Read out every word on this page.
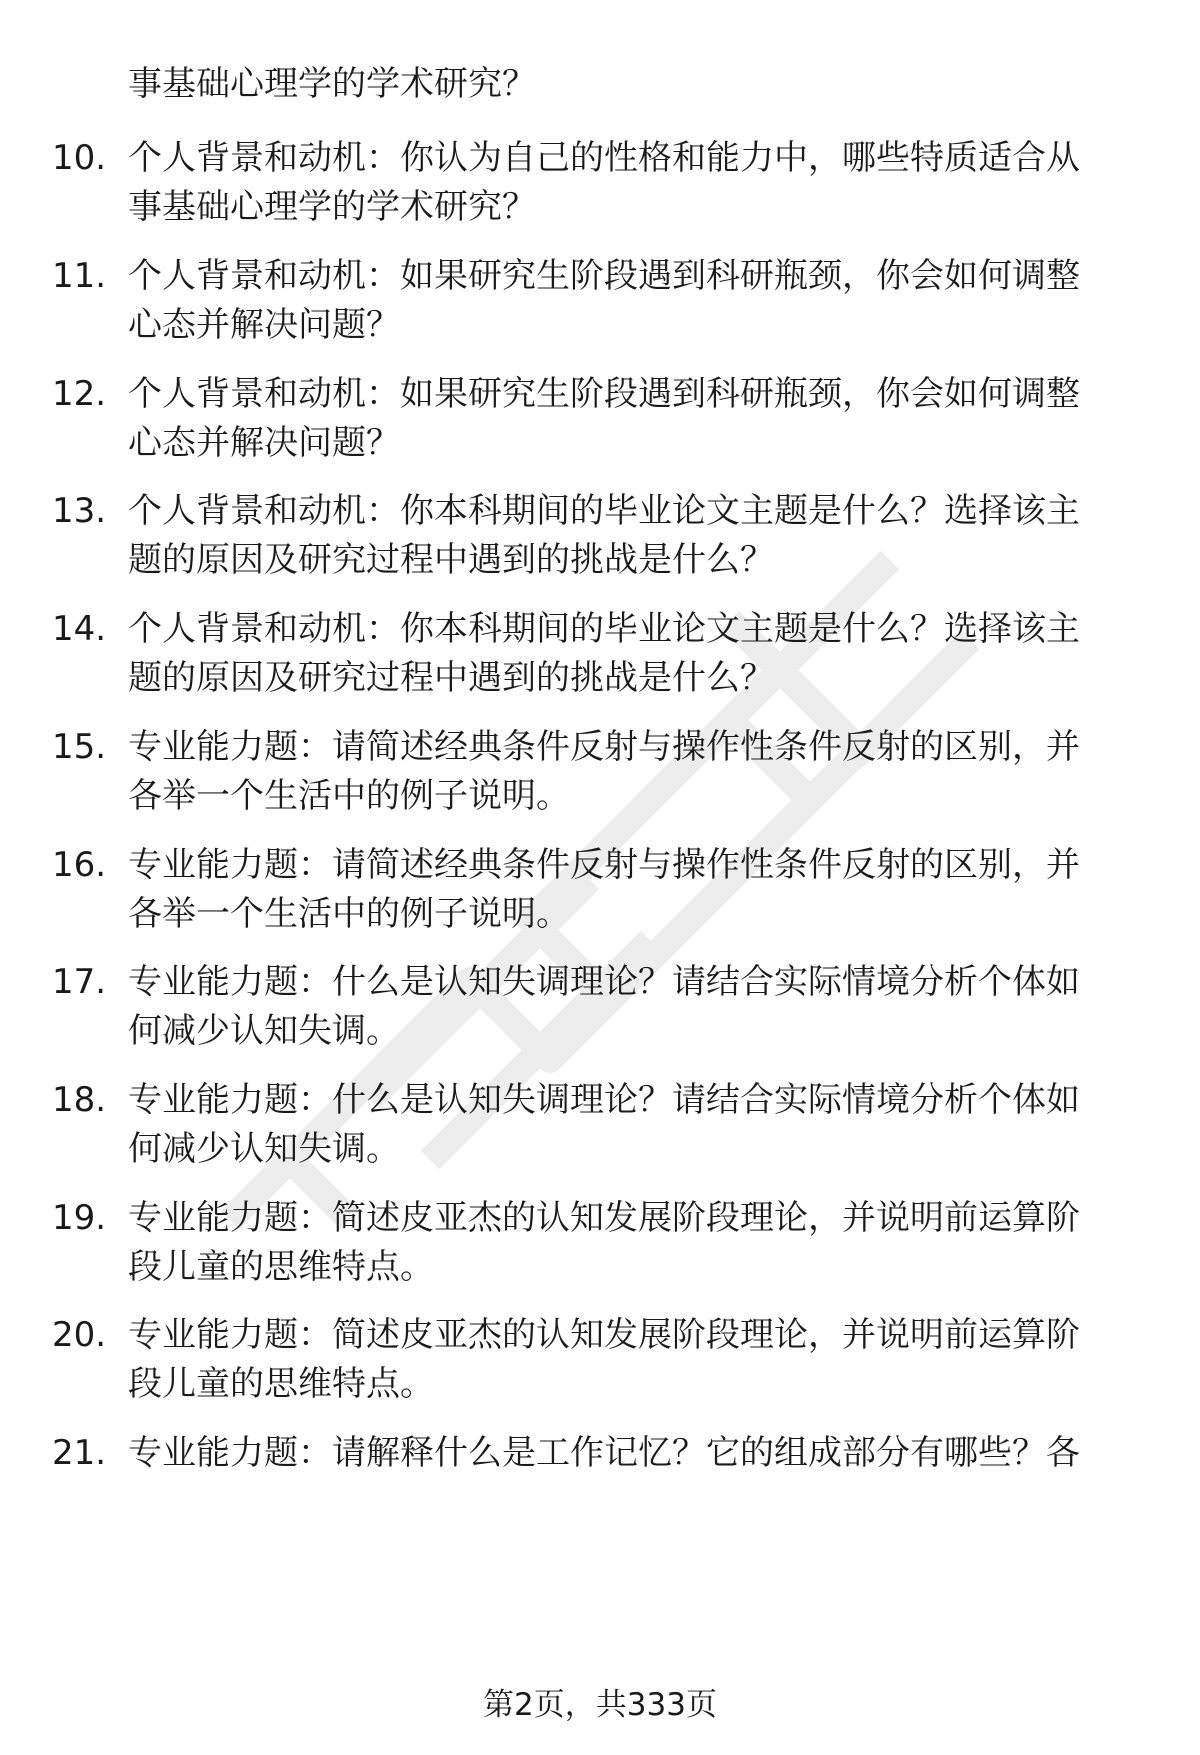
事基础心理学的学术研究？
10. 个人背景和动机：你认为自己的性格和能力中，哪些特质适合从
事基础心理学的学术研究？
11. 个人背景和动机：如果研究生阶段遇到科研瓶颈，你会如何调整
心态并解决问题？
12. 个人背景和动机：如果研究生阶段遇到科研瓶颈，你会如何调整
心态并解决问题？
13. 个人背景和动机：你本科期间的毕业论文主题是什么？选择该主
题的原因及研究过程中遇到的挑战是什么？
14. 个人背景和动机：你本科期间的毕业论文主题是什么？选择该主
题的原因及研究过程中遇到的挑战是什么？
15. 专业能力题：请简述经典条件反射与操作性条件反射的区别，并
各举一个生活中的例子说明。
16. 专业能力题：请简述经典条件反射与操作性条件反射的区别，并
各举一个生活中的例子说明。
17. 专业能力题：什么是认知失调理论？请结合实际情境分析个体如
何减少认知失调。
18. 专业能力题：什么是认知失调理论？请结合实际情境分析个体如
何减少认知失调。
19. 专业能力题：简述皮亚杰的认知发展阶段理论，并说明前运算阶
段儿童的思维特点。
20. 专业能力题：简述皮亚杰的认知发展阶段理论，并说明前运算阶
段儿童的思维特点。
21. 专业能力题：请解释什么是工作记忆？它的组成部分有哪些？各
第2页，共333页
